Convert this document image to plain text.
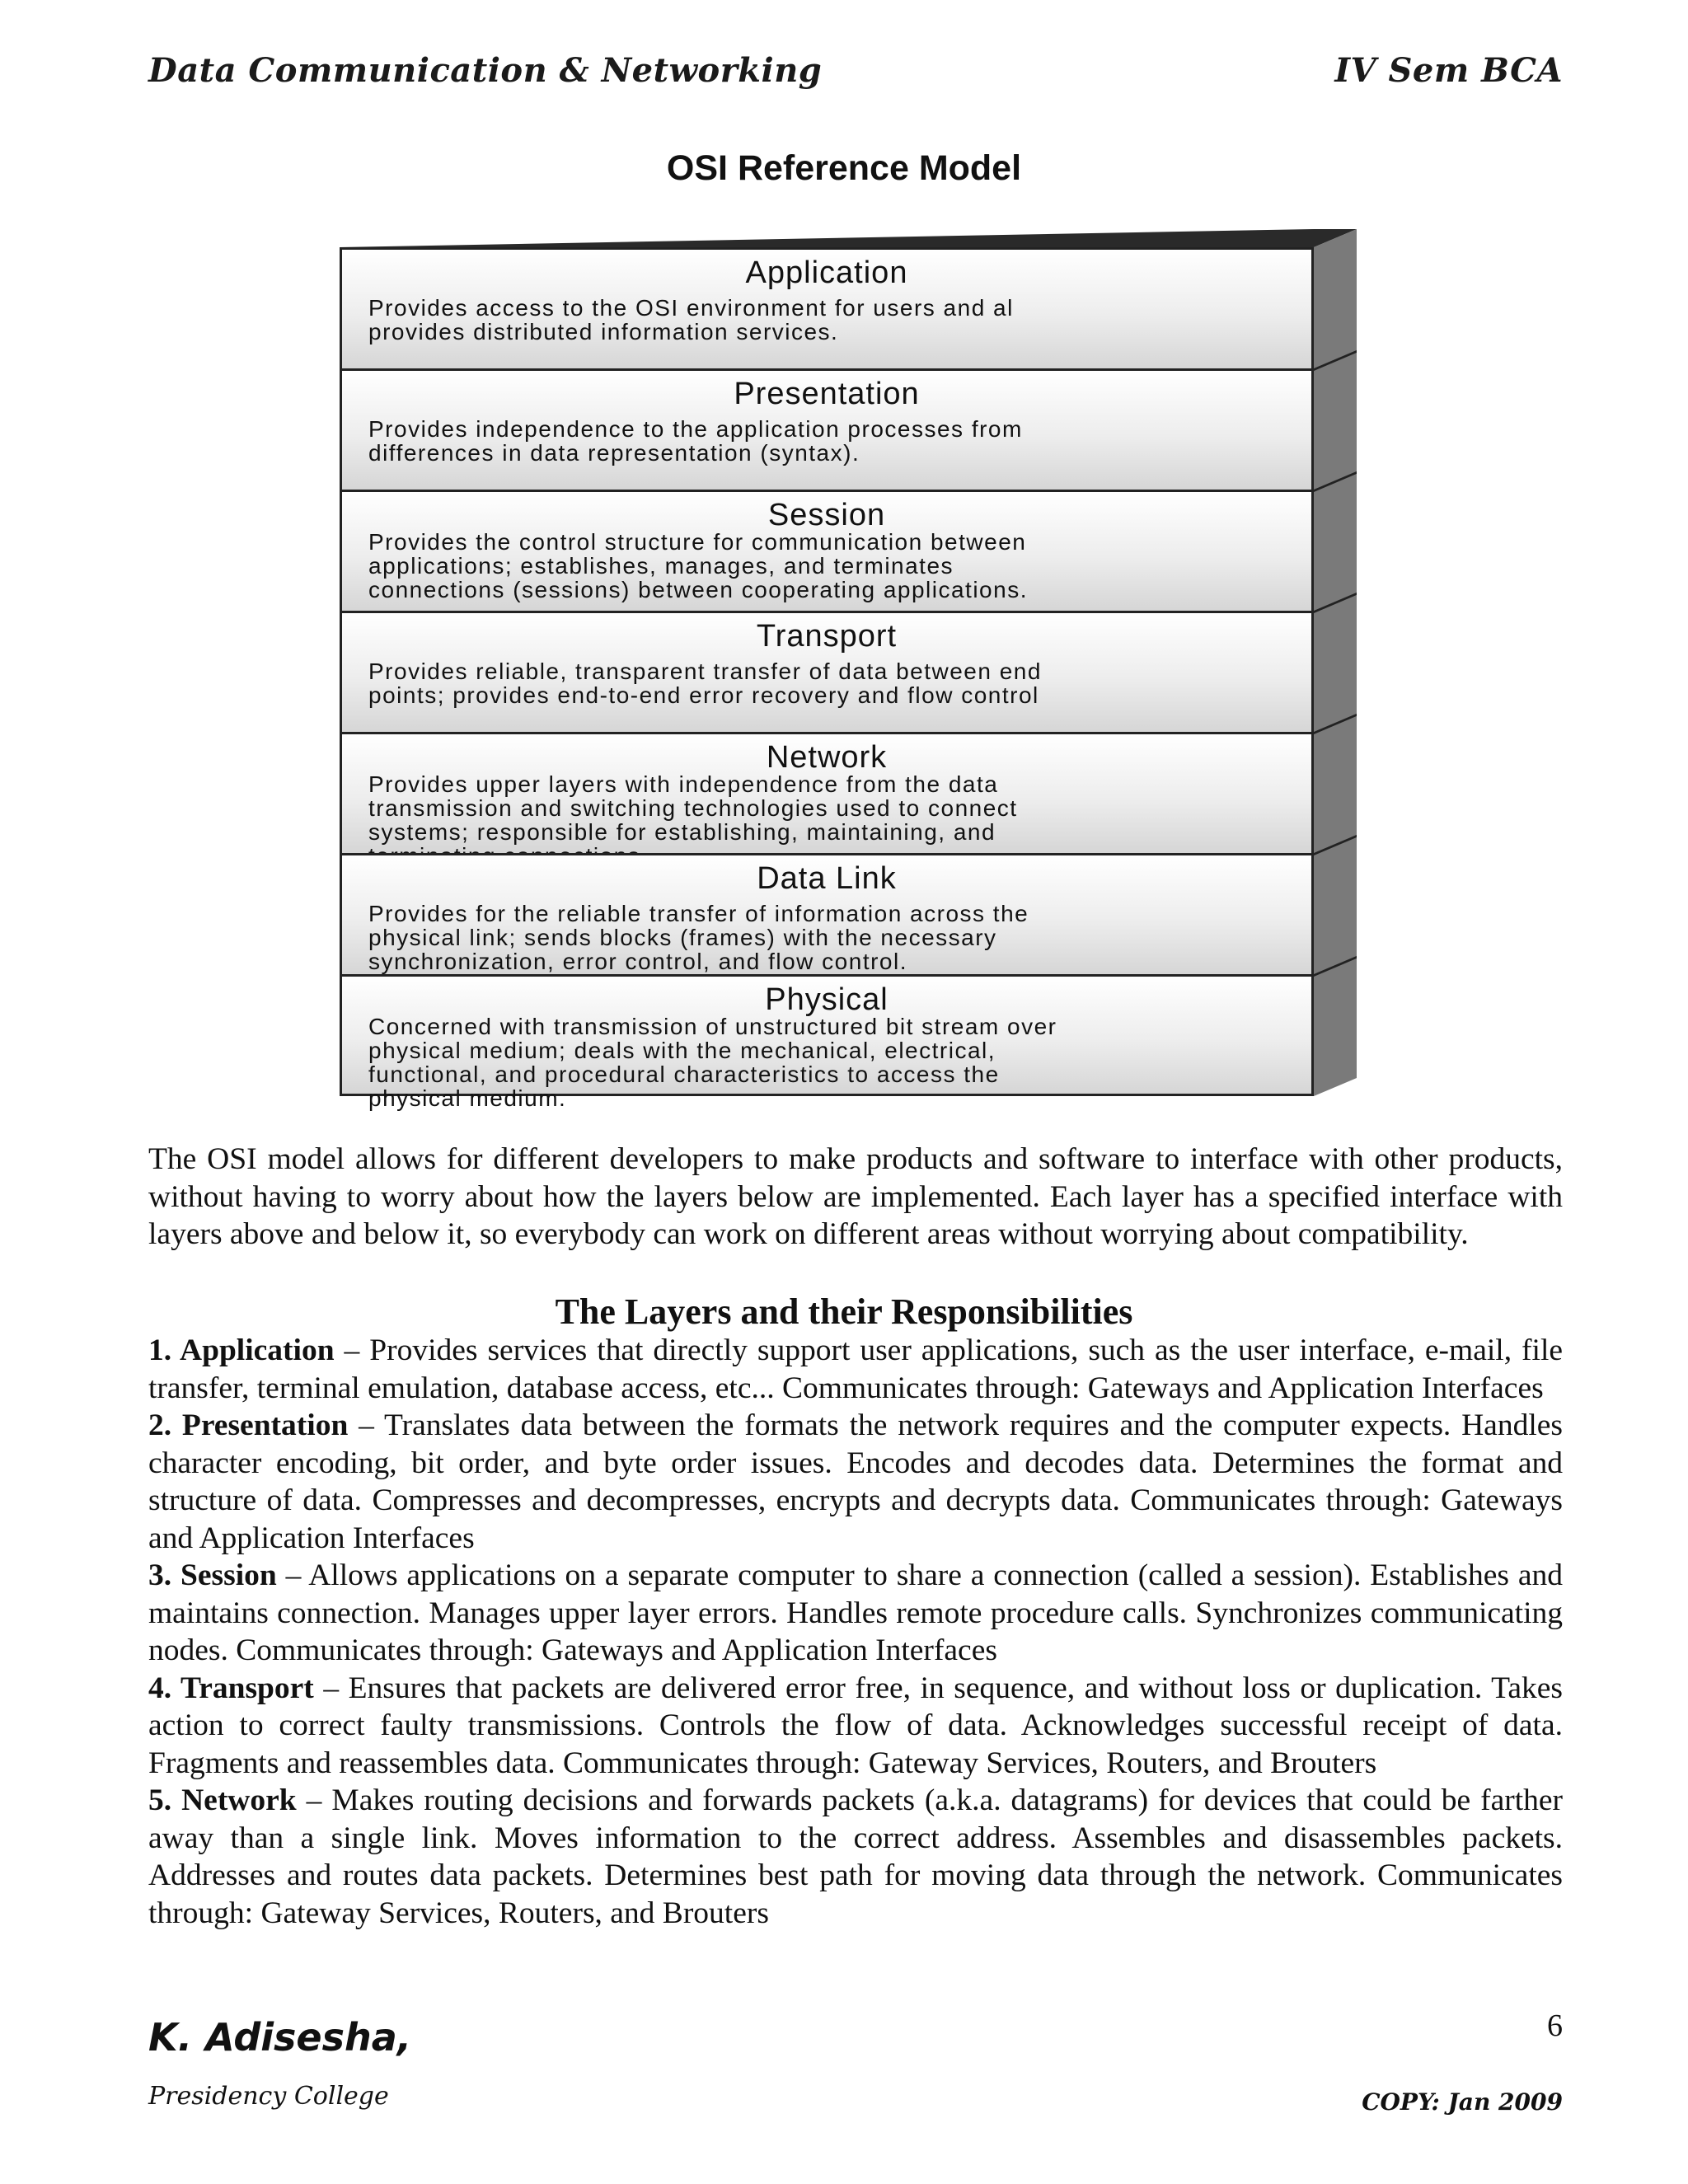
Data Communication & Networking	IV Sem BCA
OSI Reference Model
Application
Provides access to the OSI environment for users and al
provides distributed information services.
Presentation
Provides independence to the application processes from
differences in data representation (syntax).
Session
Provides the control structure for communication between
applications; establishes, manages, and terminates
connections (sessions) between cooperating applications.
Transport
Provides reliable, transparent transfer of data between end
points; provides end-to-end error recovery and flow control
Network
Provides upper layers with independence from the data
transmission and switching technologies used to connect
systems; responsible for establishing, maintaining, and

Data Link
Provides for the reliable transfer of information across the
physical link; sends blocks (frames) with the necessary
synchronization, error control, and flow control.
Physical
Concerned with transmission of unstructured bit stream over
physical medium; deals with the mechanical, electrical,
functional, and procedural characteristics to access the
physical medium.
The OSI model allows for different developers to make products and software to interface with other products, without having to worry about how the layers below are implemented. Each layer has a specified interface with layers above and below it, so everybody can work on different areas without worrying about compatibility.
The Layers and their Responsibilities

1. Application – Provides services that directly support user applications, such as the user interface, e-mail, file transfer, terminal emulation, database access, etc... Communicates through: Gateways and Application Interfaces

2. Presentation – Translates data between the formats the network requires and the computer expects. Handles character encoding, bit order, and byte order issues. Encodes and decodes data. Determines the format and structure of data. Compresses and decompresses, encrypts and decrypts data. Communicates through: Gateways and Application Interfaces

3. Session – Allows applications on a separate computer to share a connection (called a session). Establishes and maintains connection. Manages upper layer errors. Handles remote procedure calls. Synchronizes communicating nodes. Communicates through: Gateways and Application Interfaces

4. Transport – Ensures that packets are delivered error free, in sequence, and without loss or duplication. Takes action to correct faulty transmissions. Controls the flow of data. Acknowledges successful receipt of data. Fragments and reassembles data. Communicates through: Gateway Services, Routers, and Brouters

5. Network – Makes routing decisions and forwards packets (a.k.a. datagrams) for devices that could be farther away than a single link. Moves information to the correct address. Assembles and disassembles packets. Addresses and routes data packets. Determines best path for moving data through the network. Communicates through: Gateway Services, Routers, and Brouters

K. Adisesha,
Presidency College
6
COPY: Jan 2009
